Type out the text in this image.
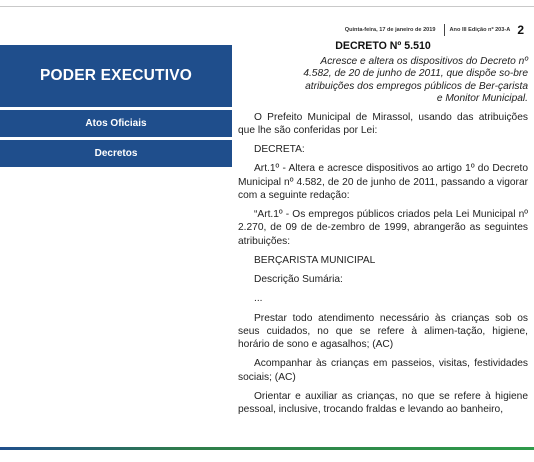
Quinta-feira, 17 de janeiro de 2019	Ano III Edição nº 203-A 2
PODER EXECUTIVO
Atos Oficiais
Decretos
DECRETO Nº 5.510
Acresce e altera os dispositivos do Decreto nº 4.582, de 20 de junho de 2011, que dispõe so-bre atribuições dos empregos públicos de Ber-çarista e Monitor Municipal.

O Prefeito Municipal de Mirassol, usando das atribuições que lhe são conferidas por Lei:

DECRETA:

Art.1º - Altera e acresce dispositivos ao artigo 1º do Decreto Municipal nº 4.582, de 20 de junho de 2011, passando a vigorar com a seguinte redação:

“Art.1º - Os empregos públicos criados pela Lei Municipal nº 2.270, de 09 de de-zembro de 1999, abrangerão as seguintes atribuições:

BERÇARISTA MUNICIPAL

Descrição Sumária:

...

Prestar todo atendimento necessário às crianças sob os seus cuidados, no que se refere à alimen-tação, higiene, horário de sono e agasalhos; (AC)

Acompanhar às crianças em passeios, visitas, festividades sociais; (AC)

Orientar e auxiliar as crianças, no que se refere à higiene pessoal, inclusive, trocando fraldas e levando ao banheiro,
